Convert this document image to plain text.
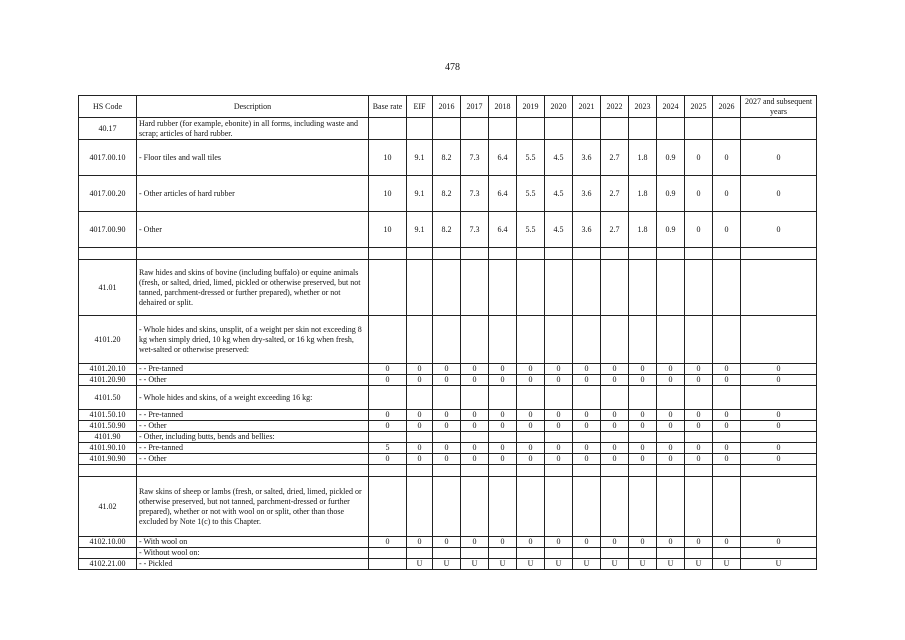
478
HS Code	Description	Base rate	EIF	2016	2017	2018	2019	2020	2021	2022	2023	2024	2025	2026	2027 and subsequent years
40.17	Hard rubber (for example, ebonite) in all forms, including waste and scrap; articles of hard rubber.														
4017.00.10	- Floor tiles and wall tiles	10	9.1	8.2	7.3	6.4	5.5	4.5	3.6	2.7	1.8	0.9	0	0	0
4017.00.20	- Other articles of hard rubber	10	9.1	8.2	7.3	6.4	5.5	4.5	3.6	2.7	1.8	0.9	0	0	0
4017.00.90	- Other	10	9.1	8.2	7.3	6.4	5.5	4.5	3.6	2.7	1.8	0.9	0	0	0

41.01	Raw hides and skins of bovine (including buffalo) or equine animals (fresh, or salted, dried, limed, pickled or otherwise preserved, but not tanned, parchment-dressed or further prepared), whether or not dehaired or split.														
4101.20	- Whole hides and skins, unsplit, of a weight per skin not exceeding 8 kg when simply dried, 10 kg when dry-salted, or 16 kg when fresh, wet-salted or otherwise preserved:														
4101.20.10	- - Pre-tanned	0	0	0	0	0	0	0	0	0	0	0	0	0	0
4101.20.90	- - Other	0	0	0	0	0	0	0	0	0	0	0	0	0	0
4101.50	- Whole hides and skins, of a weight exceeding 16 kg:														
4101.50.10	- - Pre-tanned	0	0	0	0	0	0	0	0	0	0	0	0	0	0
4101.50.90	- - Other	0	0	0	0	0	0	0	0	0	0	0	0	0	0
4101.90	- Other, including butts, bends and bellies:														
4101.90.10	- - Pre-tanned	5	0	0	0	0	0	0	0	0	0	0	0	0	0
4101.90.90	- - Other	0	0	0	0	0	0	0	0	0	0	0	0	0	0

41.02	Raw skins of sheep or lambs (fresh, or salted, dried, limed, pickled or otherwise preserved, but not tanned, parchment-dressed or further prepared), whether or not with wool on or split, other than those excluded by Note 1(c) to this Chapter.														
4102.10.00	- With wool on	0	0	0	0	0	0	0	0	0	0	0	0	0	0
	- Without wool on:														
4102.21.00	- - Pickled		U	U	U	U	U	U	U	U	U	U	U	U	U
